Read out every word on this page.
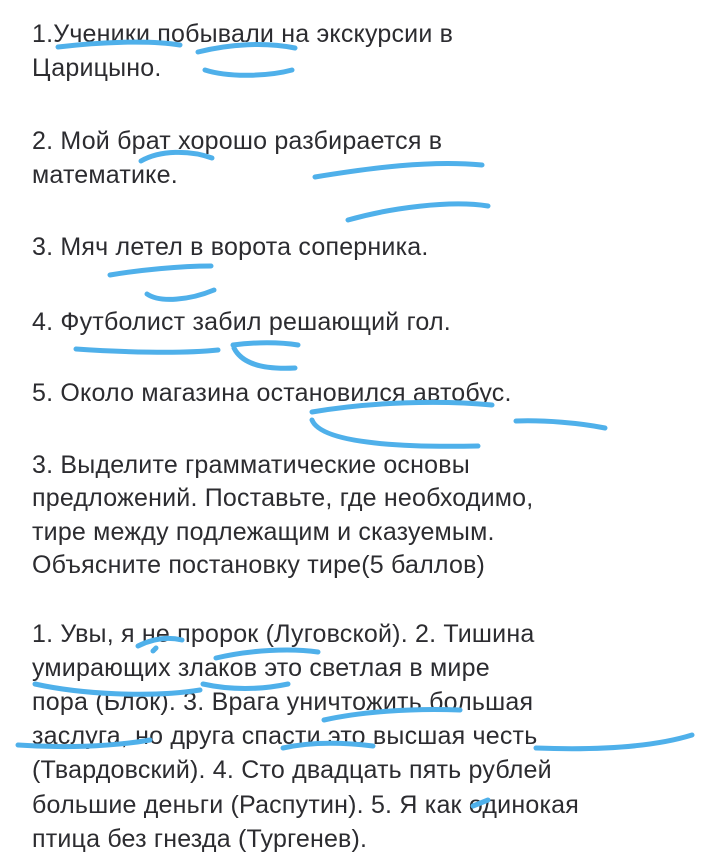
1.Ученики побывали на экскурсии в
Царицыно.
2. Мой брат хорошо разбирается в
математике.
3. Мяч летел в ворота соперника.
4. Футболист забил решающий гол.
5. Около магазина остановился автобус.
3. Выделите грамматические основы
предложений. Поставьте, где необходимо,
тире между подлежащим и сказуемым.
Объясните постановку тире(5 баллов)
1. Увы, я не пророк (Луговской). 2. Тишина
умирающих злаков это светлая в мире
пора (Блок). 3. Врага уничтожить большая
заслуга, но друга спасти это высшая честь
(Твардовский). 4. Сто двадцать пять рублей
большие деньги (Распутин). 5. Я как одинокая
птица без гнезда (Тургенев).
